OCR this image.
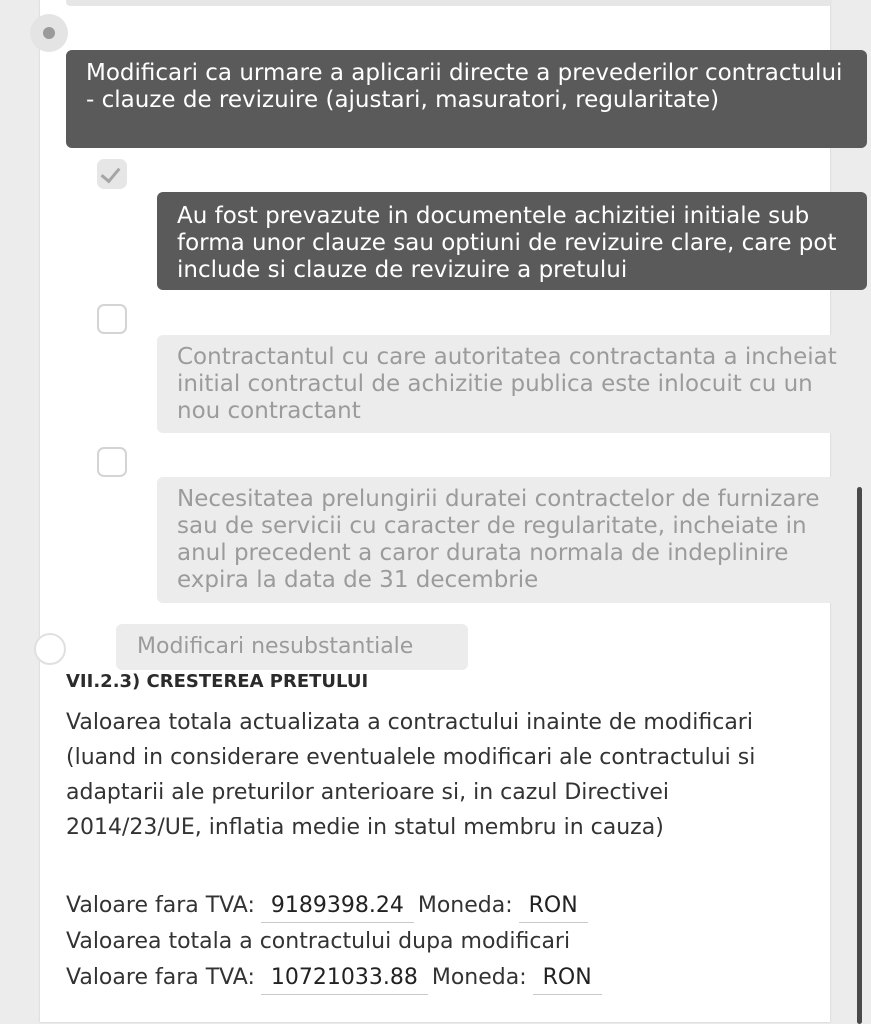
Modificari ca urmare a aplicarii directe a prevederilor contractului - clauze de revizuire (ajustari, masuratori, regularitate)
Au fost prevazute in documentele achizitiei initiale sub forma unor clauze sau optiuni de revizuire clare, care pot include si clauze de revizuire a pretului
Contractantul cu care autoritatea contractanta a incheiat initial contractul de achizitie publica este inlocuit cu un nou contractant
Necesitatea prelungirii duratei contractelor de furnizare sau de servicii cu caracter de regularitate, incheiate in anul precedent a caror durata normala de indeplinire expira la data de 31 decembrie
Modificari nesubstantiale
VII.2.3) CRESTEREA PRETULUI
Valoarea totala actualizata a contractului inainte de modificari (luand in considerare eventualele modificari ale contractului si adaptarii ale preturilor anterioare si, in cazul Directivei 2014/23/UE, inflatia medie in statul membru in cauza)
Valoare fara TVA: 9189398.24 Moneda: RON
Valoarea totala a contractului dupa modificari
Valoare fara TVA: 10721033.88 Moneda: RON
